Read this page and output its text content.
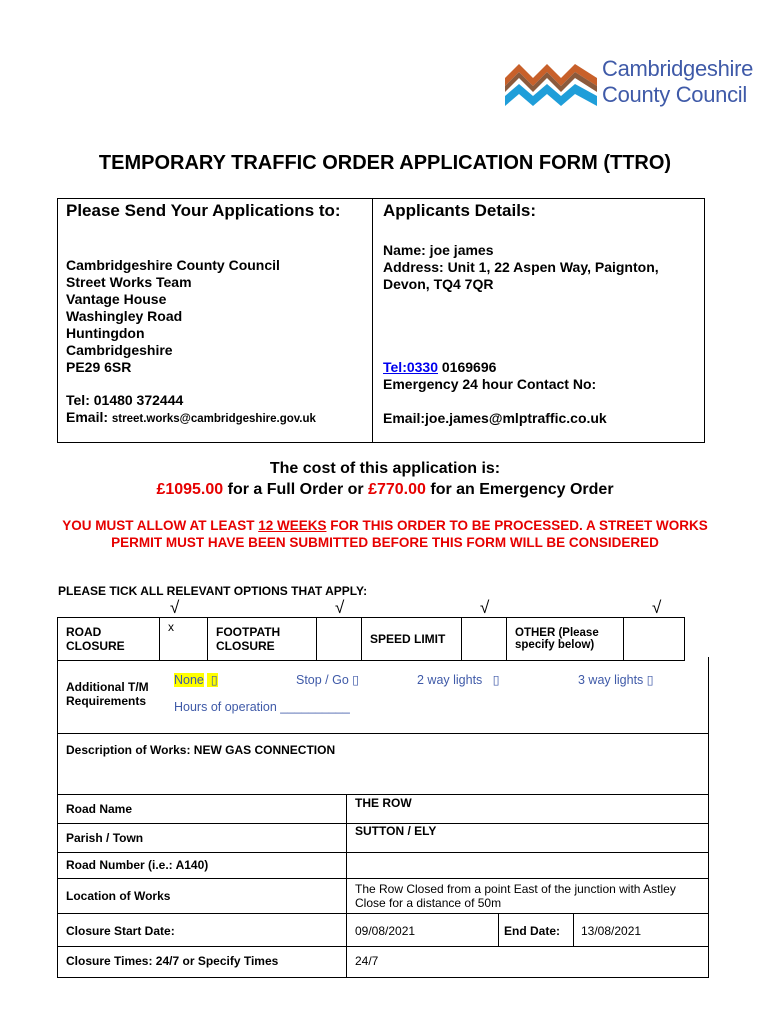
Cambridgeshire
County Council
TEMPORARY TRAFFIC ORDER APPLICATION FORM (TTRO)
Please Send Your Applications to:
Cambridgeshire County Council
Street Works Team
Vantage House
Washingley Road
Huntingdon
Cambridgeshire
PE29 6SR
Tel: 01480 372444
Email: street.works@cambridgeshire.gov.uk
Applicants Details:
Name: joe james
Address: Unit 1, 22 Aspen Way, Paignton,
Devon, TQ4 7QR
Tel:0330 0169696
Emergency 24 hour Contact No:
Email:joe.james@mlptraffic.co.uk
The cost of this application is:
£1095.00 for a Full Order or £770.00 for an Emergency Order
YOU MUST ALLOW AT LEAST 12 WEEKS FOR THIS ORDER TO BE PROCESSED. A STREET WORKS PERMIT MUST HAVE BEEN SUBMITTED BEFORE THIS FORM WILL BE CONSIDERED
PLEASE TICK ALL RELEVANT OPTIONS THAT APPLY:
√	√	√	√
ROAD CLOSURE	x	FOOTPATH CLOSURE		SPEED LIMIT		OTHER (Please specify below)	
Additional T/M Requirements
None  ▯	Stop / Go ▯	2 way lights   ▯	3 way lights ▯
Hours of operation __________
Description of Works: NEW GAS CONNECTION
Road Name	THE ROW
Parish / Town	SUTTON / ELY
Road Number (i.e.: A140)
Location of Works	The Row Closed from a point East of the junction with Astley Close for a distance of 50m
Closure Start Date:	09/08/2021	End Date: 13/08/2021
Closure Times: 24/7 or Specify Times	24/7
